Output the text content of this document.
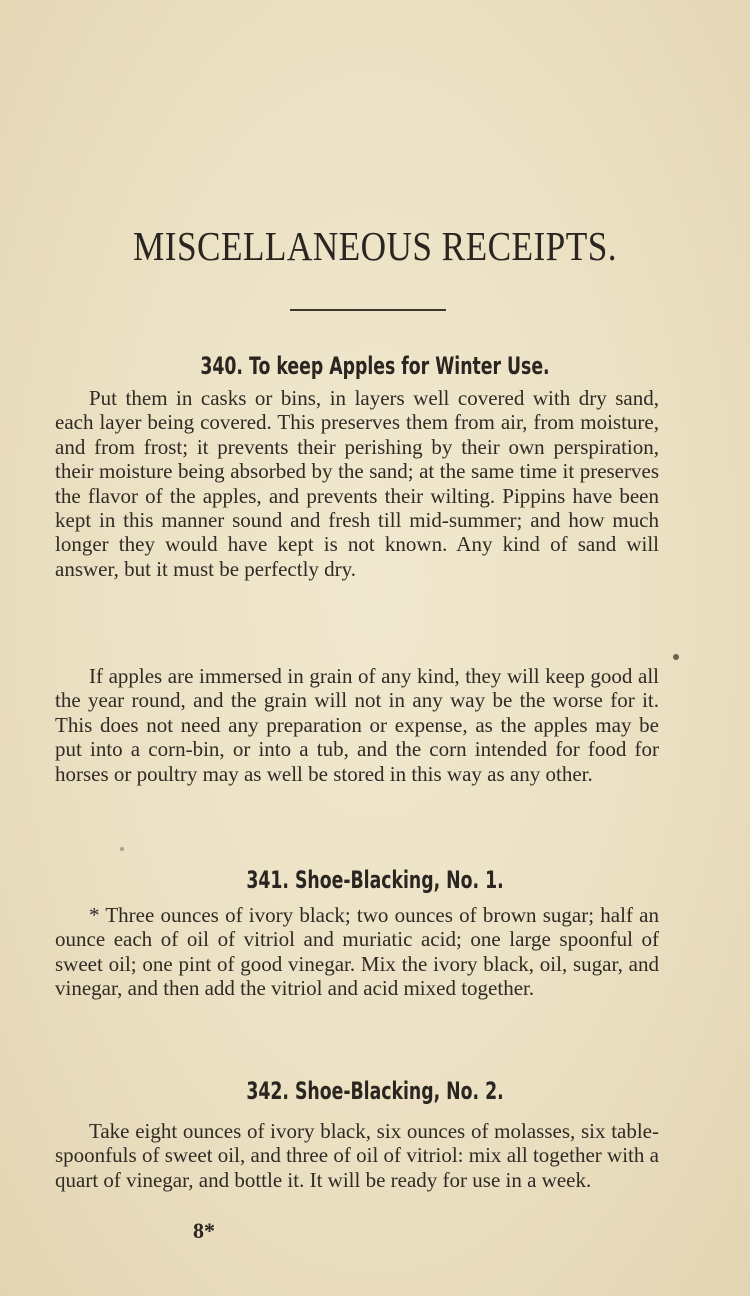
MISCELLANEOUS RECEIPTS.
340. To keep Apples for Winter Use.

Put them in casks or bins, in layers well covered with dry sand, each layer being covered. This preserves them from air, from moisture, and from frost; it prevents their perishing by their own perspiration, their moisture being absorbed by the sand; at the same time it preserves the flavor of the apples, and prevents their wilting. Pippins have been kept in this manner sound and fresh till mid-summer; and how much longer they would have kept is not known. Any kind of sand will answer, but it must be perfectly dry.

If apples are immersed in grain of any kind, they will keep good all the year round, and the grain will not in any way be the worse for it. This does not need any preparation or expense, as the apples may be put into a corn-bin, or into a tub, and the corn intended for food for horses or poultry may as well be stored in this way as any other.

341. Shoe-Blacking, No. 1.

* Three ounces of ivory black; two ounces of brown sugar; half an ounce each of oil of vitriol and muriatic acid; one large spoonful of sweet oil; one pint of good vinegar. Mix the ivory black, oil, sugar, and vinegar, and then add the vitriol and acid mixed together.

342. Shoe-Blacking, No. 2.

Take eight ounces of ivory black, six ounces of molasses, six table-spoonfuls of sweet oil, and three of oil of vitriol: mix all together with a quart of vinegar, and bottle it. It will be ready for use in a week.

8*
